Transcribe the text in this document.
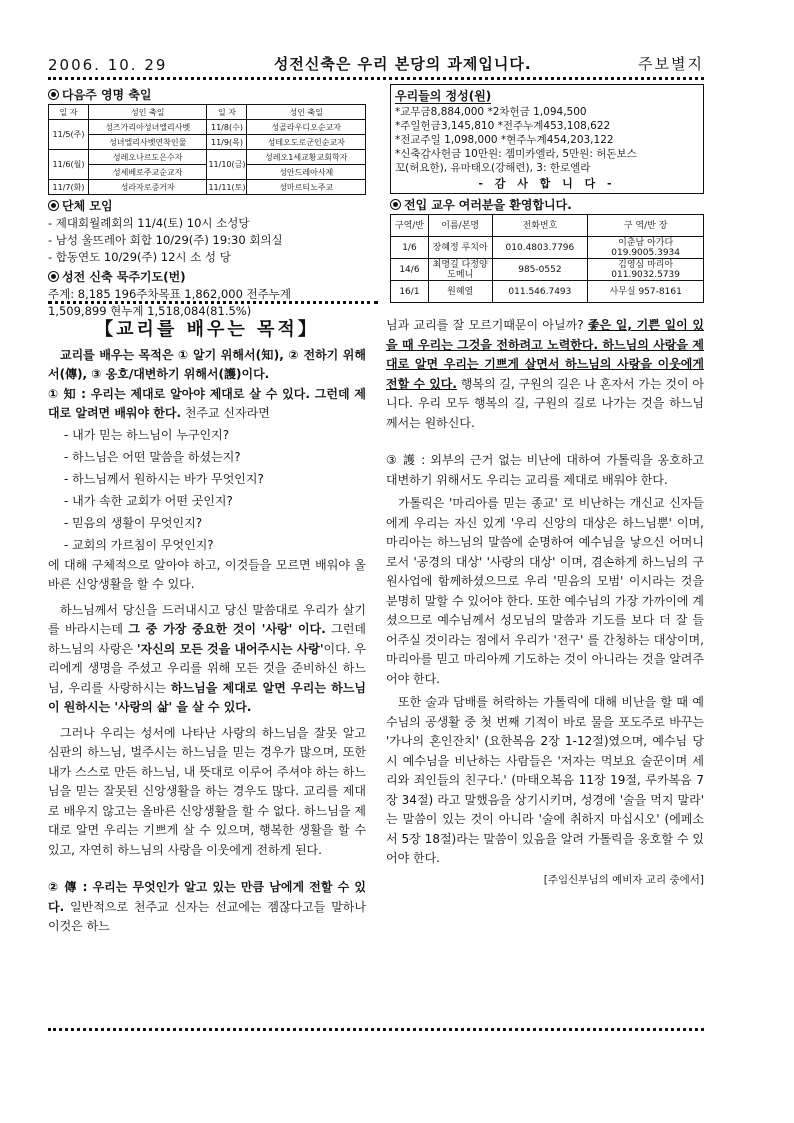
2006. 10. 29	성전신축은 우리 본당의 과제입니다.	주보별지
다음주 영명 축일
일 자	성인 축일	일 자	성인 축일
11/5(주)	성즈가리아성녀엘리사벳	11/8(수)	성골라우디오순교자
	성녀엘리사벳연착인물	11/9(목)	성테오도로군인순교자
11/6(월)	성레오나르도은수자	11/10(금)	성레오1세교황교회학자
	성세베로주교순교자		성안드레아사제
11/7(화)	성라자로증거자	11/11(토)	성마르티노주교
단체 모임
- 제대회월례회의 11/4(토) 10시 소성당
- 남성 울뜨레아 회합 10/29(주) 19:30 회의실
- 합동연도 10/29(주) 12시 소 성 당
성전 신축 묵주기도(번)
주계: 8,185 196주차목표 1,862,000 전주누계
1,509,899 현누계 1,518,084(81.5%)
우리들의 정성(원)
*교무금8,884,000 *2차헌금 1,094,500
*주일헌금3,145,810 *전주누계453,108,622
*전교주일 1,098,000 *현주누계454,203,122
*신축감사헌금 10만원: 젬미카엘라, 5만원: 허돈보스
꼬(허요한), 유마태오(강해련), 3: 한로엘라
- 감 사 합 니 다 -
전입 교우 여러분을 환영합니다.
구역/반	이름/본명	전화번호	구 역/반 장
1/6	장혜정 루치아	010.4803.7796	이춘남 아가다 019.9005.3934
14/6	최명길 다정양도메니	985-0552	김영심 마리아 011.9032.5739
16/1	원혜열	011.546.7493	사무실 957-8161
【교리를 배우는 목적】

교리를 배우는 목적은 ① 알기 위해서(知), ② 전하기 위해서(傳), ③ 옹호/대변하기 위해서(護)이다.

① 知 : 우리는 제대로 알아야 제대로 살 수 있다. 그런데 제대로 알려면 배워야 한다. 천주교 신자라면

- 내가 믿는 하느님이 누구인지?
- 하느님은 어떤 말씀을 하셨는지?
- 하느님께서 원하시는 바가 무엇인지?
- 내가 속한 교회가 어떤 곳인지?
- 믿음의 생활이 무엇인지?
- 교회의 가르침이 무엇인지?

에 대해 구체적으로 알아야 하고, 이것들을 모르면 배워야 올바른 신앙생활을 할 수 있다.

하느님께서 당신을 드러내시고 당신 말씀대로 우리가 살기를 바라시는데 그 중 가장 중요한 것이 '사랑' 이다. 그런데 하느님의 사랑은 '자신의 모든 것을 내어주시는 사랑'이다. 우리에게 생명을 주셨고 우리를 위해 모든 것을 준비하신 하느님, 우리를 사랑하시는 하느님을 제대로 알면 우리는 하느님이 원하시는 '사랑의 삶' 을 살 수 있다.

그러나 우리는 성서에 나타난 사랑의 하느님을 잘못 알고 심판의 하느님, 벌주시는 하느님을 믿는 경우가 많으며, 또한 내가 스스로 만든 하느님, 내 뜻대로 이루어 주셔야 하는 하느님을 믿는 잘못된 신앙생활을 하는 경우도 많다. 교리를 제대로 배우지 않고는 올바른 신앙생활을 할 수 없다. 하느님을 제대로 알면 우리는 기쁘게 살 수 있으며, 행복한 생활을 할 수 있고, 자연히 하느님의 사랑을 이웃에게 전하게 된다.

② 傳 : 우리는 무엇인가 알고 있는 만큼 남에게 전할 수 있다. 일반적으로 천주교 신자는 선교에는 젬잖다고들 말하나 이것은 하느

님과 교리를 잘 모르기때문이 아닐까? 좋은 일, 기쁜 일이 있을 때 우리는 그것을 전하려고 노력한다. 하느님의 사랑을 제대로 알면 우리는 기쁘게 살면서 하느님의 사랑을 이웃에게 전할 수 있다. 행복의 길, 구원의 길은 나 혼자서 가는 것이 아니다. 우리 모두 행복의 길, 구원의 길로 나가는 것을 하느님께서는 원하신다.

③ 護 : 외부의 근거 없는 비난에 대하여 가톨릭을 옹호하고 대변하기 위해서도 우리는 교리를 제대로 배워야 한다.

가톨릭은 '마리아를 믿는 종교' 로 비난하는 개신교 신자들에게 우리는 자신 있게 '우리 신앙의 대상은 하느님뿐' 이며, 마리아는 하느님의 말씀에 순명하여 예수님을 낳으신 어머니로서 '공경의 대상' '사랑의 대상' 이며, 겸손하게 하느님의 구원사업에 함께하셨으므로 우리 '믿음의 모범' 이시라는 것을 분명히 말할 수 있어야 한다. 또한 예수님의 가장 가까이에 계셨으므로 예수님께서 성모님의 말씀과 기도를 보다 더 잘 들어주실 것이라는 점에서 우리가 '전구' 를 간청하는 대상이며, 마리아를 믿고 마리아께 기도하는 것이 아니라는 것을 알려주어야 한다.

또한 술과 담배를 허락하는 가톨릭에 대해 비난을 할 때 예수님의 공생활 중 첫 번째 기적이 바로 물을 포도주로 바꾸는 '가나의 혼인잔치' (요한복음 2장 1-12절)였으며, 예수님 당시 예수님을 비난하는 사람들은 '저자는 먹보요 술꾼이며 세리와 죄인들의 친구다.' (마태오복음 11장 19절, 루카복음 7장 34절) 라고 말했음을 상기시키며, 성경에 '술을 먹지 말라' 는 말씀이 있는 것이 아니라 '술에 취하지 마십시오' (에페소서 5장 18절)라는 말씀이 있음을 알려 가톨릭을 옹호할 수 있어야 한다.

[주임신부님의 예비자 교리 중에서]
